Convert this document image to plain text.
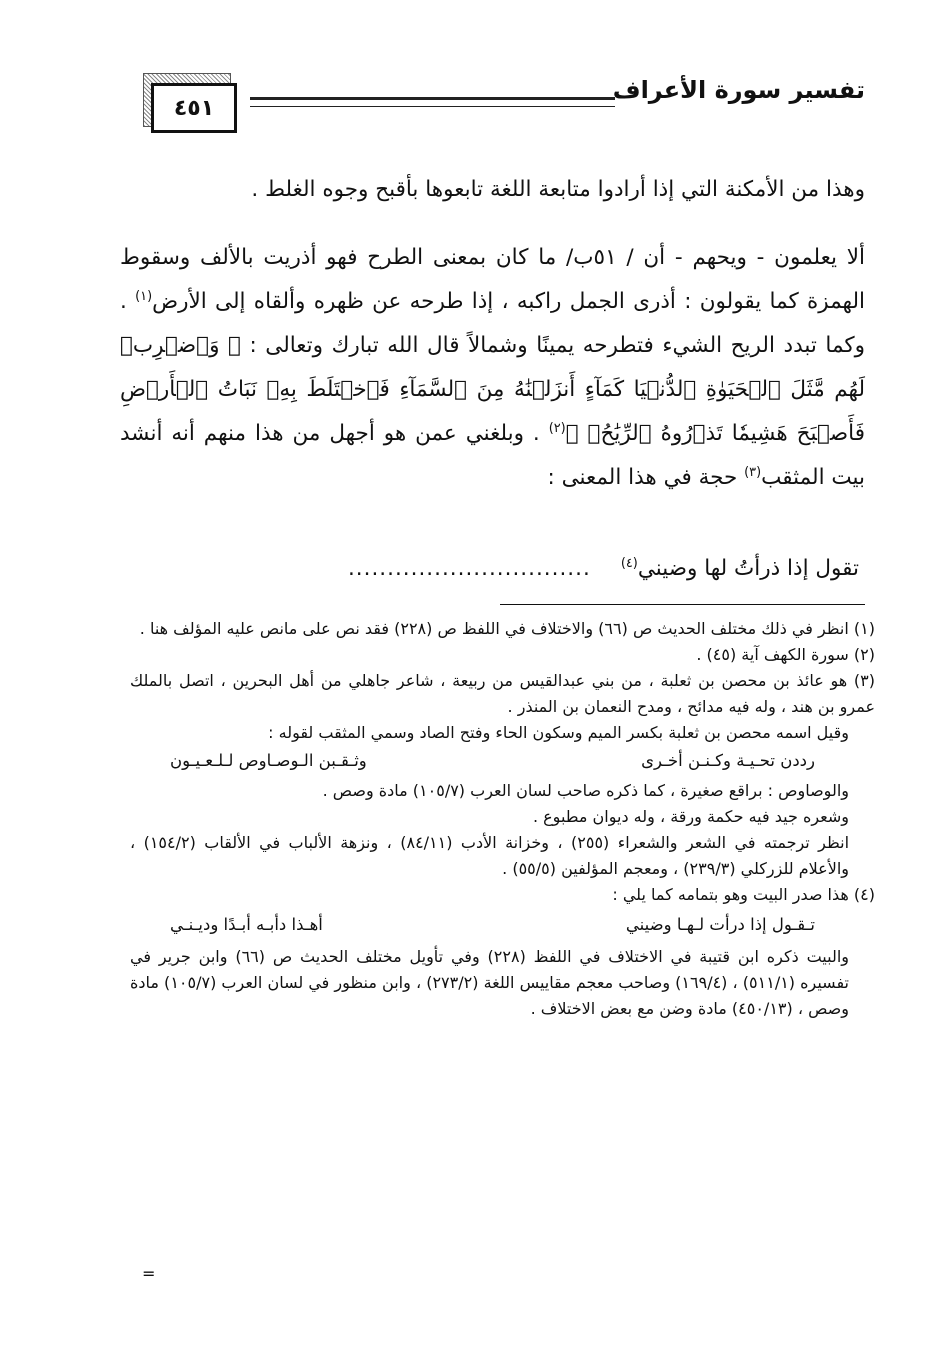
تفسير سورة الأعراف
٤٥١

وهذا من الأمكنة التي إذا أرادوا متابعة اللغة تابعوها بأقبح وجوه الغلط .

ألا يعلمون - ويحهم - أن / ٥١ب/ ما كان بمعنى الطرح فهو أذريت بالألف وسقوط الهمزة كما يقولون : أذرى الجمل راكبه ، إذا طرحه عن ظهره وألقاه إلى الأرض$^{(١)}$ . وكما تبدد الريح الشيء فتطرحه يمينًا وشمالاً قال الله تبارك وتعالى : ﴿ وَٱضۡرِبۡ لَهُم مَّثَلَ ٱلۡحَيَوٰةِ ٱلدُّنۡيَا كَمَآءٍ أَنزَلۡنَٰهُ مِنَ ٱلسَّمَآءِ فَٱخۡتَلَطَ بِهِۦ نَبَاتُ ٱلۡأَرۡضِ فَأَصۡبَحَ هَشِيمٗا تَذۡرُوهُ ٱلرِّيَٰحُۗ ﴾$^{(٢)}$ . وبلغني عمن هو أجهل من هذا منهم أنه أنشد بيت المثقب$^{(٣)}$ حجة في هذا المعنى :

تقول إذا ذرأتُ لها وضيني$^{(٤)}$
...............................

(١) انظر في ذلك مختلف الحديث ص (٦٦) والاختلاف في اللفظ ص (٢٢٨) فقد نص على مانص عليه المؤلف هنا .

(٢) سورة الكهف آية (٤٥) .

(٣) هو عائذ بن محصن بن ثعلبة ، من بني عبدالقيس من ربيعة ، شاعر جاهلي من أهل البحرين ، اتصل بالملك عمرو بن هند ، وله فيه مدائح ، ومدح النعمان بن المنذر .

وقيل اسمه محصن بن ثعلبة بكسر الميم وسكون الحاء وفتح الصاد وسمي المثقب لقوله :

رددن تحـيـة وكـنـن أخـرى
وثـقـبن الـوصـاوص لـلـعـيـون

والوصاوص : براقع صغيرة ، كما ذكره صاحب لسان العرب (١٠٥/٧) مادة وصص .

وشعره جيد فيه حكمة ورقة ، وله ديوان مطبوع .

انظر ترجمته في الشعر والشعراء (٢٥٥) ، وخزانة الأدب (٨٤/١١) ، ونزهة الألباب في الألقاب (١٥٤/٢) ، والأعلام للزركلي (٢٣٩/٣) ، ومعجم المؤلفين (٥٥/٥) .

(٤) هذا صدر البيت وهو بتمامه كما يلي :

تـقـول إذا درأت لـهـا وضيني
أهـذا دأبـه أبـدًا وديـنـي

والبيت ذكره ابن قتيبة في الاختلاف في اللفظ (٢٢٨) وفي تأويل مختلف الحديث ص (٦٦) وابن جرير في تفسيره (٥١١/١) ، (١٦٩/٤) وصاحب معجم مقاييس اللغة (٢٧٣/٢) ، وابن منظور في لسان العرب (١٠٥/٧) مادة وصص ، (٤٥٠/١٣) مادة وضن مع بعض الاختلاف .

=
